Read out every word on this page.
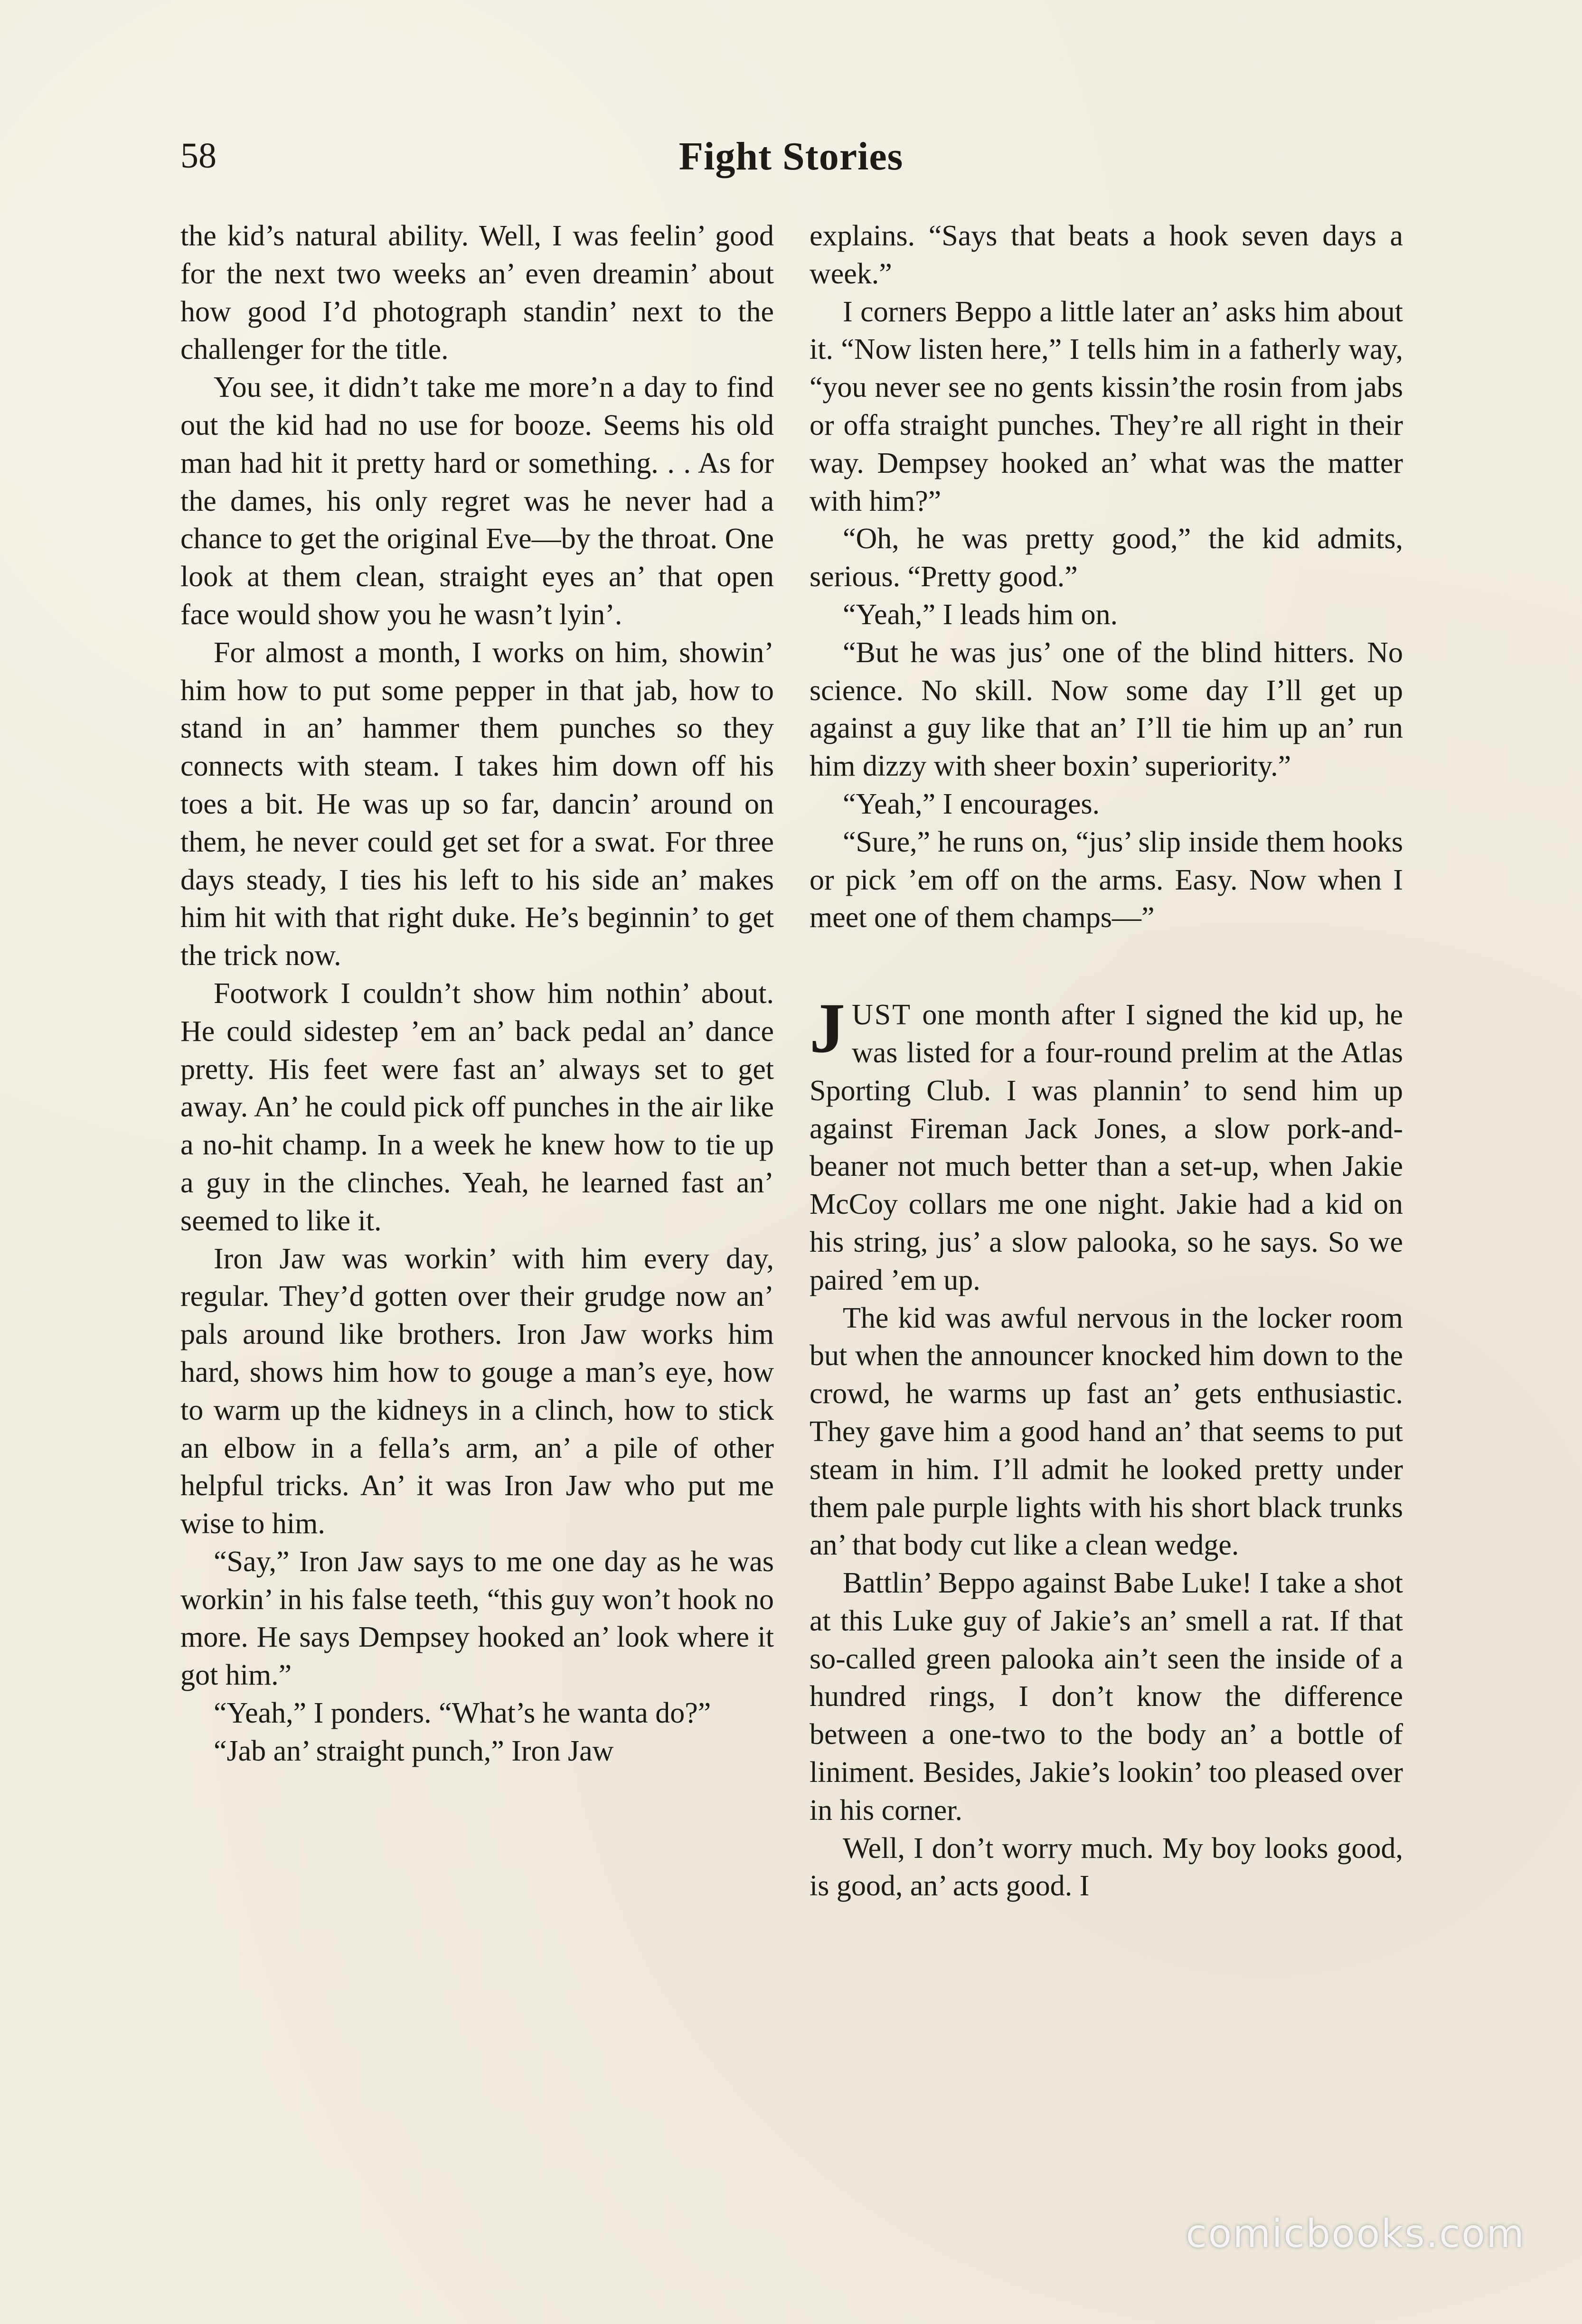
58	Fight Stories

the kid’s natural ability. Well, I was feelin’ good for the next two weeks an’ even dreamin’ about how good I’d photograph standin’ next to the challenger for the title.

You see, it didn’t take me more’n a day to find out the kid had no use for booze. Seems his old man had hit it pretty hard or something. . . As for the dames, his only regret was he never had a chance to get the original Eve—by the throat. One look at them clean, straight eyes an’ that open face would show you he wasn’t lyin’.

For almost a month, I works on him, showin’ him how to put some pepper in that jab, how to stand in an’ hammer them punches so they connects with steam. I takes him down off his toes a bit. He was up so far, dancin’ around on them, he never could get set for a swat. For three days steady, I ties his left to his side an’ makes him hit with that right duke. He’s beginnin’ to get the trick now.

Footwork I couldn’t show him nothin’ about. He could sidestep ’em an’ back pedal an’ dance pretty. His feet were fast an’ always set to get away. An’ he could pick off punches in the air like a no-hit champ. In a week he knew how to tie up a guy in the clinches. Yeah, he learned fast an’ seemed to like it.

Iron Jaw was workin’ with him every day, regular. They’d gotten over their grudge now an’ pals around like brothers. Iron Jaw works him hard, shows him how to gouge a man’s eye, how to warm up the kidneys in a clinch, how to stick an elbow in a fella’s arm, an’ a pile of other helpful tricks. An’ it was Iron Jaw who put me wise to him.

“Say,” Iron Jaw says to me one day as he was workin’ in his false teeth, “this guy won’t hook no more. He says Dempsey hooked an’ look where it got him.”

“Yeah,” I ponders. “What’s he wanta do?”

“Jab an’ straight punch,” Iron Jaw

explains. “Says that beats a hook seven days a week.”

I corners Beppo a little later an’ asks him about it. “Now listen here,” I tells him in a fatherly way, “you never see no gents kissin’the rosin from jabs or offa straight punches. They’re all right in their way. Dempsey hooked an’ what was the matter with him?”

“Oh, he was pretty good,” the kid admits, serious. “Pretty good.”

“Yeah,” I leads him on.

“But he was jus’ one of the blind hitters. No science. No skill. Now some day I’ll get up against a guy like that an’ I’ll tie him up an’ run him dizzy with sheer boxin’ superiority.”

“Yeah,” I encourages.

“Sure,” he runs on, “jus’ slip inside them hooks or pick ’em off on the arms. Easy. Now when I meet one of them champs—”

JUST one month after I signed the kid up, he was listed for a four-round prelim at the Atlas Sporting Club. I was plannin’ to send him up against Fireman Jack Jones, a slow pork-and-beaner not much better than a set-up, when Jakie McCoy collars me one night. Jakie had a kid on his string, jus’ a slow palooka, so he says. So we paired ’em up.

The kid was awful nervous in the locker room but when the announcer knocked him down to the crowd, he warms up fast an’ gets enthusiastic. They gave him a good hand an’ that seems to put steam in him. I’ll admit he looked pretty under them pale purple lights with his short black trunks an’ that body cut like a clean wedge.

Battlin’ Beppo against Babe Luke! I take a shot at this Luke guy of Jakie’s an’ smell a rat. If that so-called green palooka ain’t seen the inside of a hundred rings, I don’t know the difference between a one-two to the body an’ a bottle of liniment. Besides, Jakie’s lookin’ too pleased over in his corner.

Well, I don’t worry much. My boy looks good, is good, an’ acts good. I

comicbooks.com
